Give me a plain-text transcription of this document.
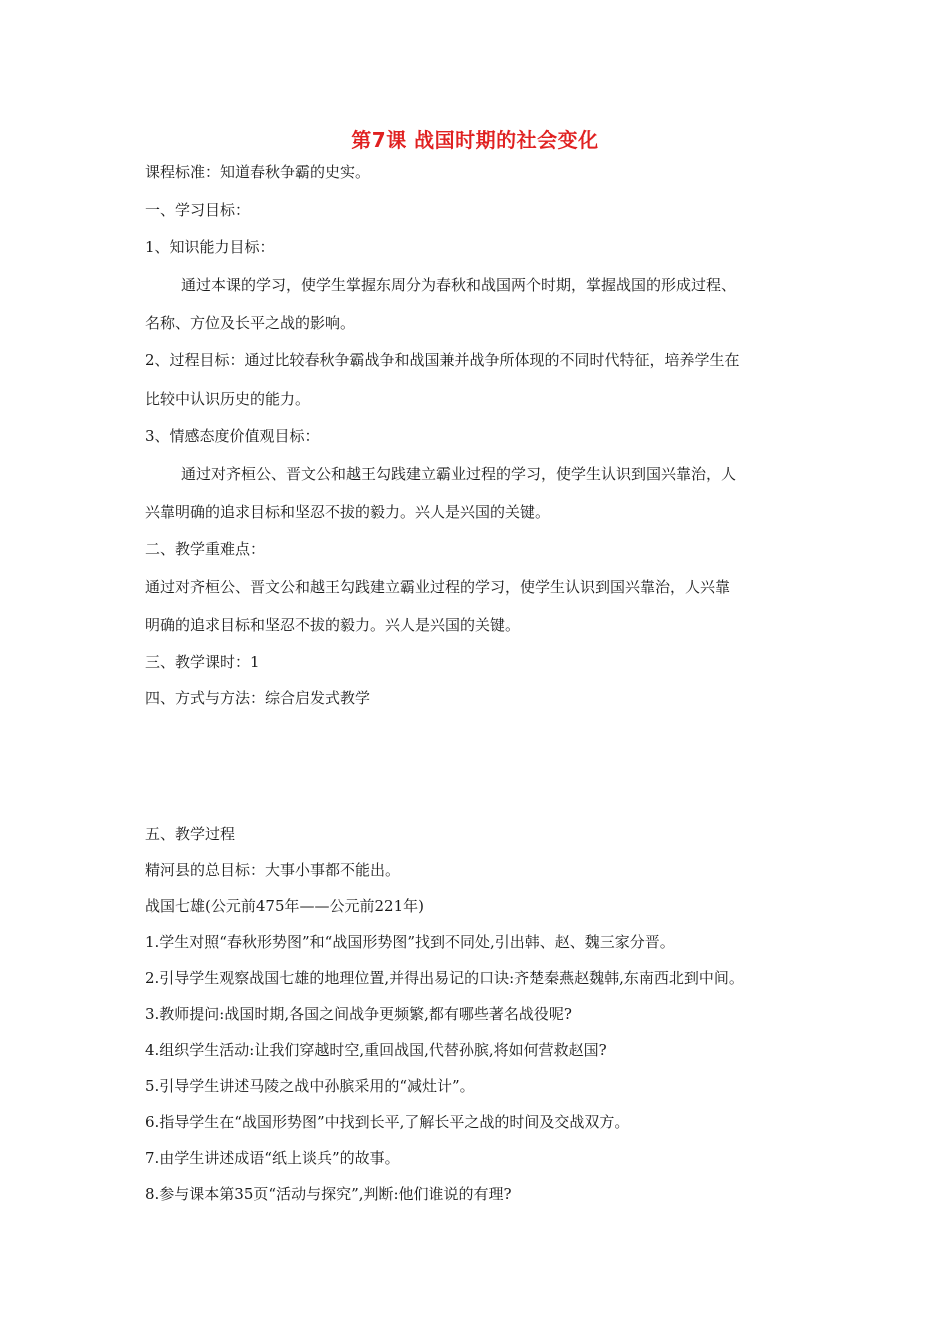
第7课 战国时期的社会变化
课程标准：知道春秋争霸的史实。
一、学习目标：
1、知识能力目标：
通过本课的学习，使学生掌握东周分为春秋和战国两个时期，掌握战国的形成过程、
名称、方位及长平之战的影响。
2、过程目标：通过比较春秋争霸战争和战国兼并战争所体现的不同时代特征，培养学生在
比较中认识历史的能力。
3、情感态度价值观目标：
通过对齐桓公、晋文公和越王勾践建立霸业过程的学习，使学生认识到国兴靠治，人
兴靠明确的追求目标和坚忍不拔的毅力。兴人是兴国的关键。
二、教学重难点：
通过对齐桓公、晋文公和越王勾践建立霸业过程的学习，使学生认识到国兴靠治，人兴靠
明确的追求目标和坚忍不拔的毅力。兴人是兴国的关键。
三、教学课时：1
四、方式与方法：综合启发式教学
五、教学过程
精河县的总目标：大事小事都不能出。
战国七雄(公元前475年——公元前221年)
1.学生对照“春秋形势图”和“战国形势图”找到不同处,引出韩、赵、魏三家分晋。
2.引导学生观察战国七雄的地理位置,并得出易记的口诀:齐楚秦燕赵魏韩,东南西北到中间。
3.教师提问:战国时期,各国之间战争更频繁,都有哪些著名战役呢?
4.组织学生活动:让我们穿越时空,重回战国,代替孙膑,将如何营救赵国?
5.引导学生讲述马陵之战中孙膑采用的“减灶计”。
6.指导学生在“战国形势图”中找到长平,了解长平之战的时间及交战双方。
7.由学生讲述成语“纸上谈兵”的故事。
8.参与课本第35页“活动与探究”,判断:他们谁说的有理?
